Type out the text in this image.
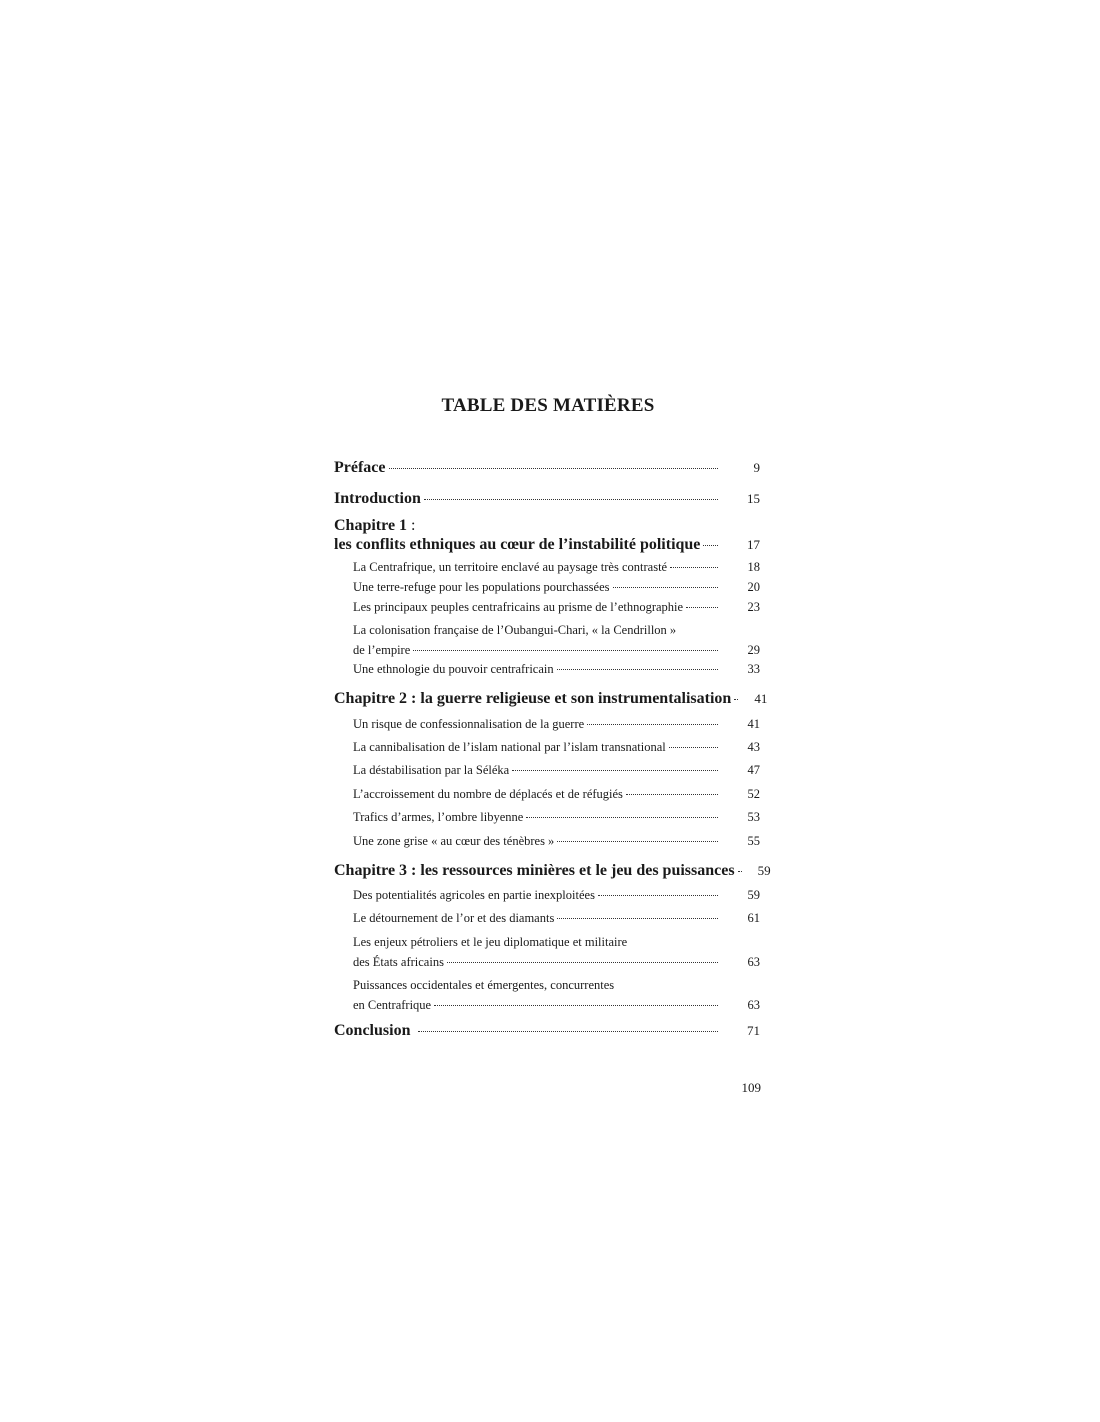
TABLE DES MATIÈRES
Préface	9
Introduction	15
Chapitre 1 :
les conflits ethniques au cœur de l’instabilité politique	17
La Centrafrique, un territoire enclavé au paysage très contrasté	18
Une terre-refuge pour les populations pourchassées	20
Les principaux peuples centrafricains au prisme de l’ethnographie	23
La colonisation française de l’Oubangui-Chari, « la Cendrillon »
de l’empire	29
Une ethnologie du pouvoir centrafricain	33
Chapitre 2 : la guerre religieuse et son instrumentalisation 41
Un risque de confessionnalisation de la guerre	41
La cannibalisation de l’islam national par l’islam transnational	43
La déstabilisation par la Séléka	47
L’accroissement du nombre de déplacés et de réfugiés	52
Trafics d’armes, l’ombre libyenne	53
Une zone grise « au cœur des ténèbres »	55
Chapitre 3 : les ressources minières et le jeu des puissances 59
Des potentialités agricoles en partie inexploitées	59
Le détournement de l’or et des diamants	61
Les enjeux pétroliers et le jeu diplomatique et militaire
des États africains	63
Puissances occidentales et émergentes, concurrentes
en Centrafrique	63
Conclusion	71
109
